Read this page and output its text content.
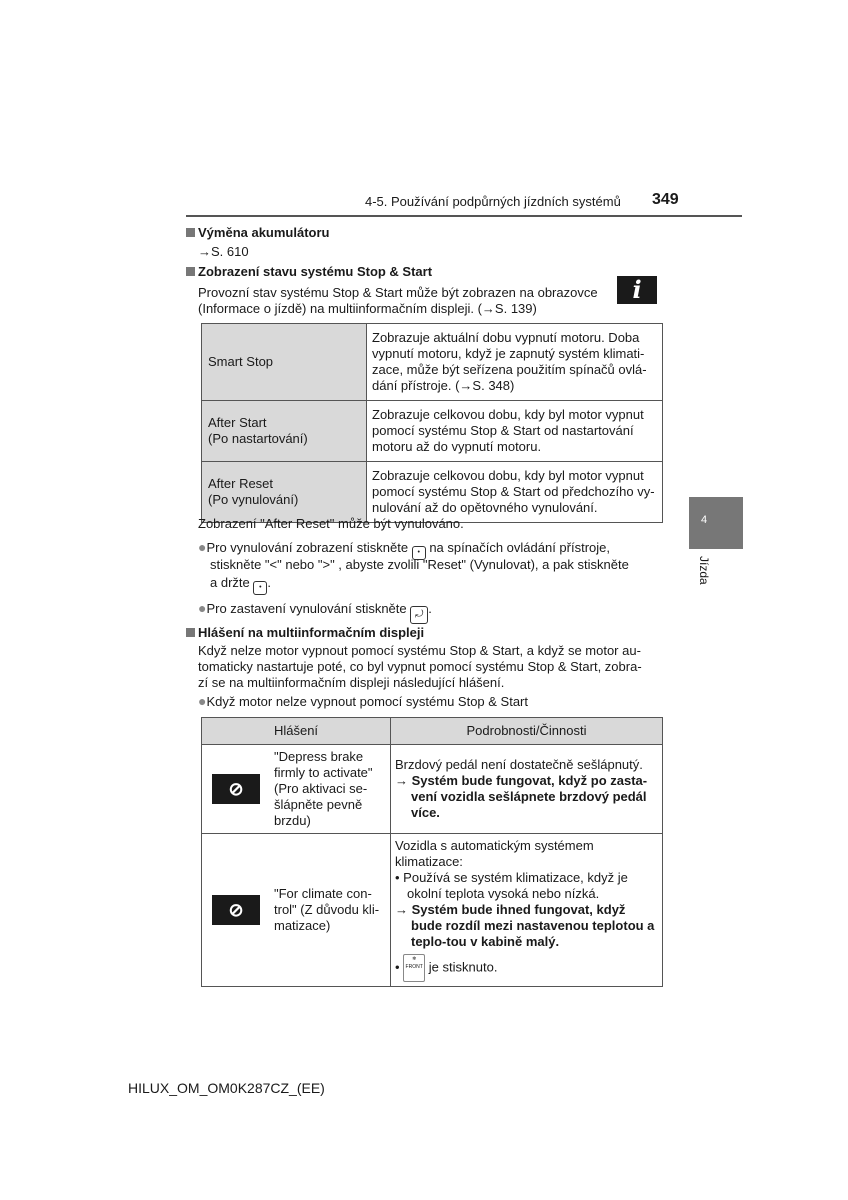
4-5. Používání podpůrných jízdních systémů 349
Výměna akumulátoru
→S. 610
Zobrazení stavu systému Stop & Start
Provozní stav systému Stop & Start může být zobrazen na obrazovce
(Informace o jízdě) na multiinformačním displeji. (→S. 139)
i
Smart Stop	Zobrazuje aktuální dobu vypnutí motoru. Doba vypnutí motoru, když je zapnutý systém klimati-zace, může být seřízena použitím spínačů ovlá-dání přístroje. (→S. 348)
After Start
(Po nastartování)	Zobrazuje celkovou dobu, kdy byl motor vypnut pomocí systému Stop & Start od nastartování motoru až do vypnutí motoru.
After Reset
(Po vynulování)	Zobrazuje celkovou dobu, kdy byl motor vypnut pomocí systému Stop & Start od předchozího vy-nulování až do opětovného vynulování.
Zobrazení "After Reset" může být vynulováno.
●Pro vynulování zobrazení stiskněte • na spínačích ovládání přístroje,
stiskněte "<" nebo ">" , abyste zvolili "Reset" (Vynulovat), a pak stiskněte
a držte • .
●Pro zastavení vynulování stiskněte ⤾ .
Hlášení na multiinformačním displeji
Když nelze motor vypnout pomocí systému Stop & Start, a když se motor au-
tomaticky nastartuje poté, co byl vypnut pomocí systému Stop & Start, zobra-
zí se na multiinformačním displeji následující hlášení.
●Když motor nelze vypnout pomocí systému Stop & Start
Hlášení		Podrobnosti/Činnosti
⊘	"Depress brake firmly to activate" (Pro aktivaci se-šlápněte pevně brzdu)	Brzdový pedál není dostatečně sešlápnutý.
→ Systém bude fungovat, když po zasta-vení vozidla sešlápnete brzdový pedál více.

⊘	"For climate con-trol" (Z důvodu kli-matizace)	Vozidla s automatickým systémem klimatizace:
• Používá se systém klimatizace, když je okolní teplota vysoká nebo nízká.
→ Systém bude ihned fungovat, když bude rozdíl mezi nastavenou teplotou a teplo-tou v kabině malý.
• ❄
FRONT je stisknuto.
4
Jízda
HILUX_OM_OM0K287CZ_(EE)
